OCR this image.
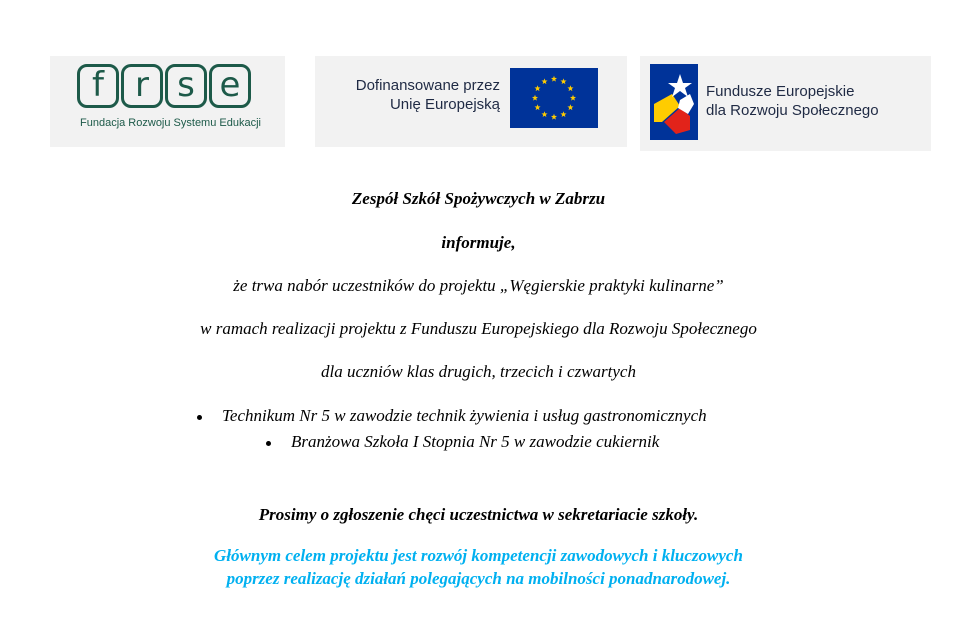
f r s e
Fundacja Rozwoju Systemu Edukacji
Dofinansowane przez
Unię Europejską
Fundusze Europejskie
dla Rozwoju Społecznego
Zespół Szkół Spożywczych w Zabrzu
informuje,
że trwa nabór uczestników do projektu „Węgierskie praktyki kulinarne”
w ramach realizacji projektu z Funduszu Europejskiego dla Rozwoju Społecznego
dla uczniów klas drugich, trzecich i czwartych
Technikum Nr 5 w zawodzie technik żywienia i usług gastronomicznych
Branżowa Szkoła I Stopnia Nr 5 w zawodzie cukiernik
Prosimy o zgłoszenie chęci uczestnictwa w sekretariacie szkoły.
Głównym celem projektu jest rozwój kompetencji zawodowych i kluczowych
poprzez realizację działań polegających na mobilności ponadnarodowej.
